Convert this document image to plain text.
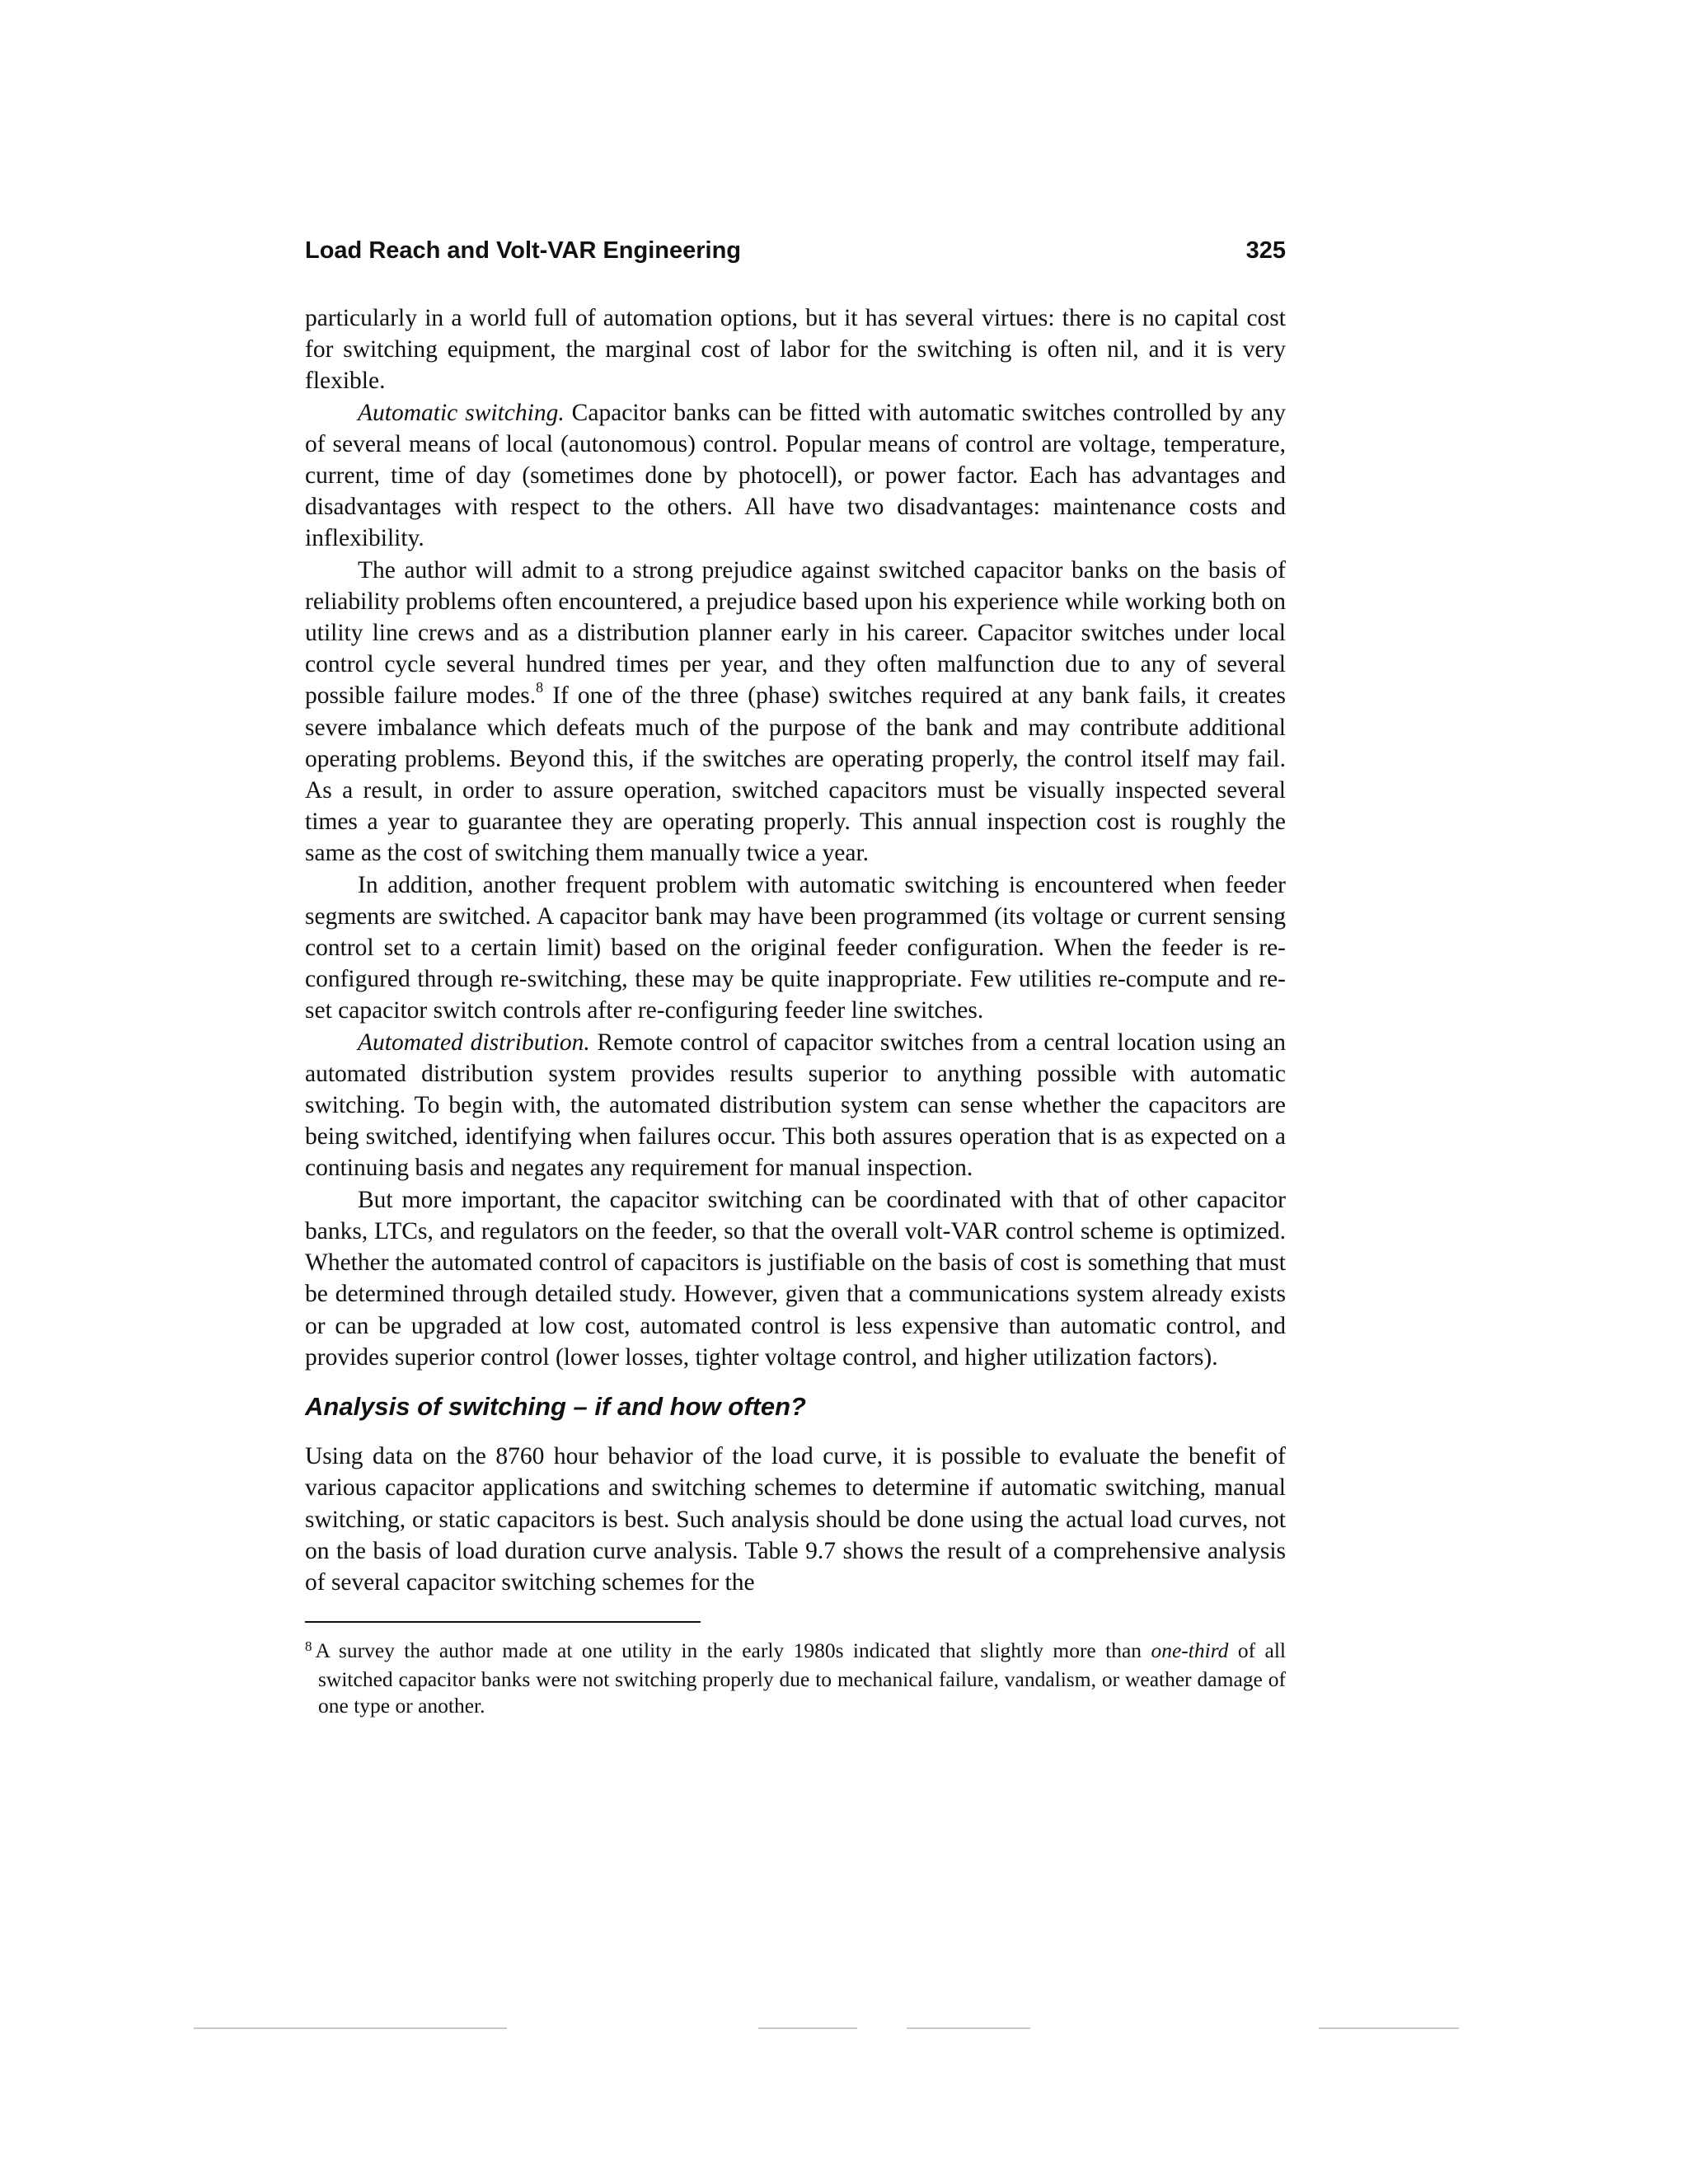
Load Reach and Volt-VAR Engineering	325

particularly in a world full of automation options, but it has several virtues: there is no capital cost for switching equipment, the marginal cost of labor for the switching is often nil, and it is very flexible.

Automatic switching. Capacitor banks can be fitted with automatic switches controlled by any of several means of local (autonomous) control. Popular means of control are voltage, temperature, current, time of day (sometimes done by photocell), or power factor. Each has advantages and disadvantages with respect to the others. All have two disadvantages: maintenance costs and inflexibility.

The author will admit to a strong prejudice against switched capacitor banks on the basis of reliability problems often encountered, a prejudice based upon his experience while working both on utility line crews and as a distribution planner early in his career. Capacitor switches under local control cycle several hundred times per year, and they often malfunction due to any of several possible failure modes.$^8$ If one of the three (phase) switches required at any bank fails, it creates severe imbalance which defeats much of the purpose of the bank and may contribute additional operating problems. Beyond this, if the switches are operating properly, the control itself may fail. As a result, in order to assure operation, switched capacitors must be visually inspected several times a year to guarantee they are operating properly. This annual inspection cost is roughly the same as the cost of switching them manually twice a year.

In addition, another frequent problem with automatic switching is encountered when feeder segments are switched. A capacitor bank may have been programmed (its voltage or current sensing control set to a certain limit) based on the original feeder configuration. When the feeder is re-configured through re-switching, these may be quite inappropriate. Few utilities re-compute and re-set capacitor switch controls after re-configuring feeder line switches.

Automated distribution. Remote control of capacitor switches from a central location using an automated distribution system provides results superior to anything possible with automatic switching. To begin with, the automated distribution system can sense whether the capacitors are being switched, identifying when failures occur. This both assures operation that is as expected on a continuing basis and negates any requirement for manual inspection.

But more important, the capacitor switching can be coordinated with that of other capacitor banks, LTCs, and regulators on the feeder, so that the overall volt-VAR control scheme is optimized. Whether the automated control of capacitors is justifiable on the basis of cost is something that must be determined through detailed study. However, given that a communications system already exists or can be upgraded at low cost, automated control is less expensive than automatic control, and provides superior control (lower losses, tighter voltage control, and higher utilization factors).

Analysis of switching – if and how often?

Using data on the 8760 hour behavior of the load curve, it is possible to evaluate the benefit of various capacitor applications and switching schemes to determine if automatic switching, manual switching, or static capacitors is best. Such analysis should be done using the actual load curves, not on the basis of load duration curve analysis. Table 9.7 shows the result of a comprehensive analysis of several capacitor switching schemes for the

$^8$ A survey the author made at one utility in the early 1980s indicated that slightly more than one-third of all switched capacitor banks were not switching properly due to mechanical failure, vandalism, or weather damage of one type or another.
